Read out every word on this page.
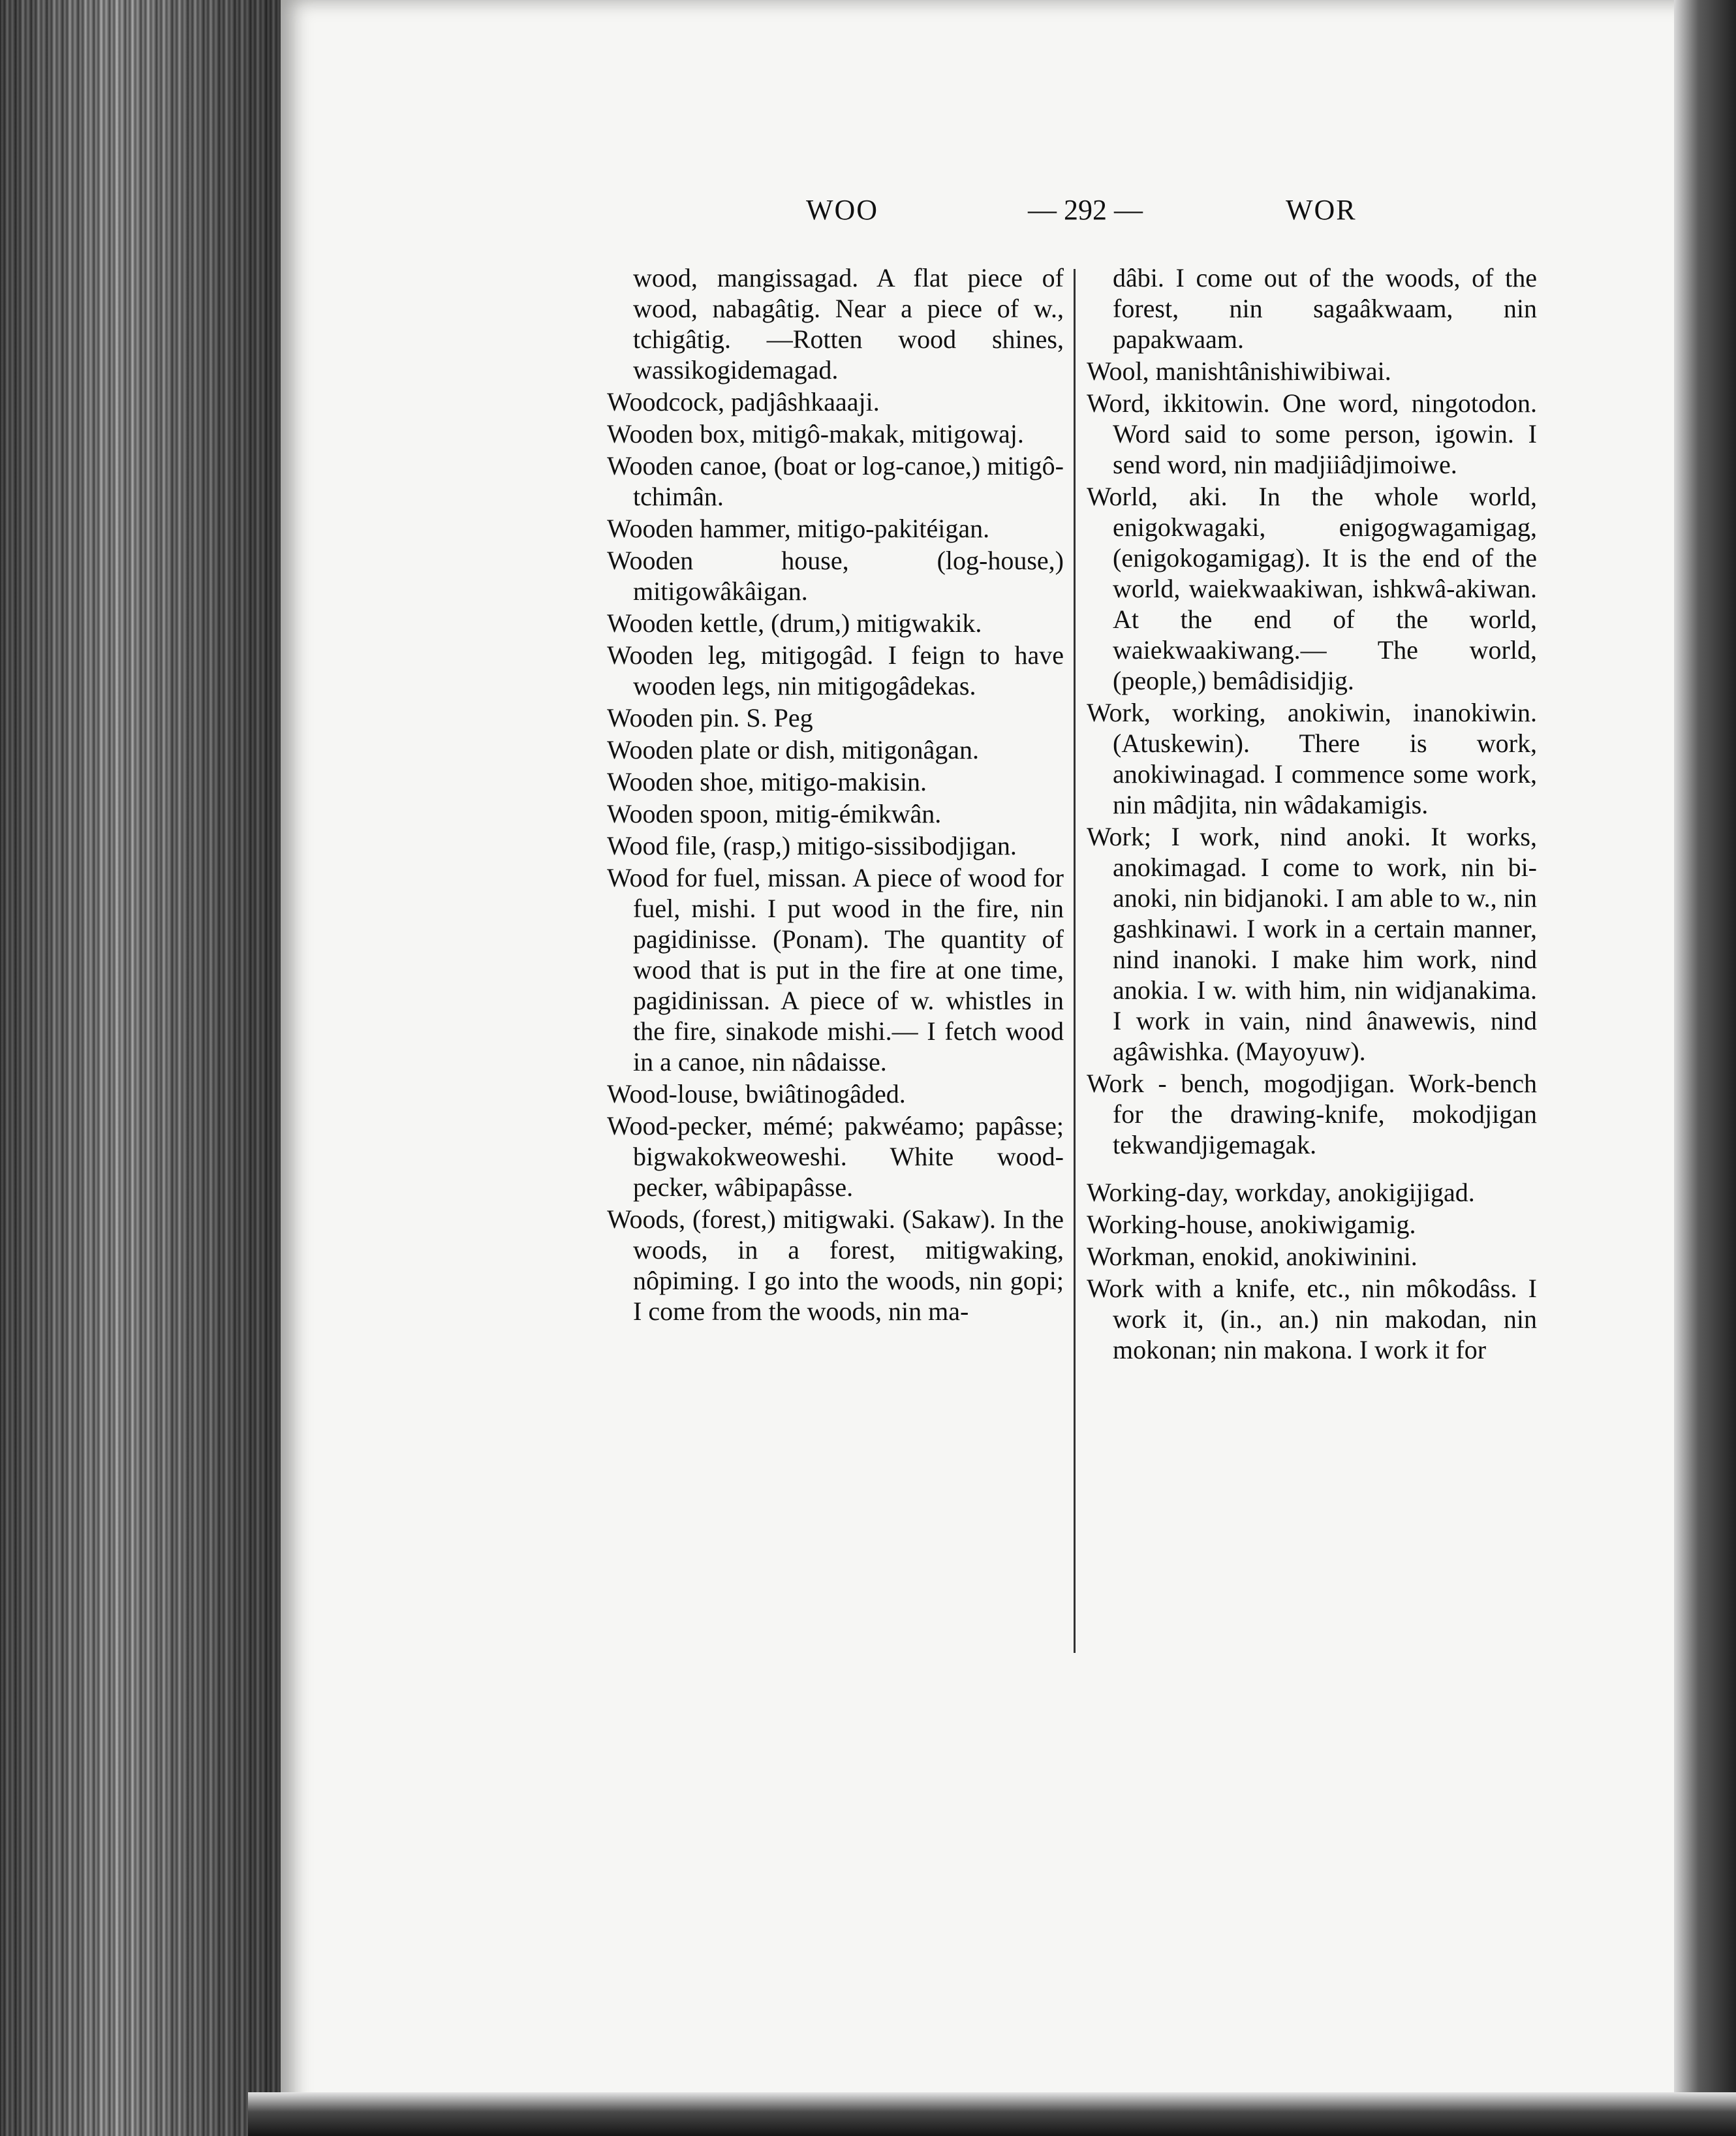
WOO	— 292 —	WOR
wood, mangissagad. A flat piece of wood, nabagâtig. Near a piece of w., tchigâtig. —Rotten wood shines, wassikogidemagad.
Woodcock, padjâshkaaaji.
Wooden box, mitigô-makak, mitigowaj.
Wooden canoe, (boat or log-canoe,) mitigô-tchimân.
Wooden hammer, mitigo-pakitéigan.
Wooden house, (log-house,) mitigowâkâigan.
Wooden kettle, (drum,) mitigwakik.
Wooden leg, mitigogâd. I feign to have wooden legs, nin mitigogâdekas.
Wooden pin. S. Peg
Wooden plate or dish, mitigonâgan.
Wooden shoe, mitigo-makisin.
Wooden spoon, mitig-émikwân.
Wood file, (rasp,) mitigo-sissibodjigan.
Wood for fuel, missan. A piece of wood for fuel, mishi. I put wood in the fire, nin pagidinisse. (Ponam). The quantity of wood that is put in the fire at one time, pagidinissan. A piece of w. whistles in the fire, sinakode mishi.— I fetch wood in a canoe, nin nâdaisse.
Wood-louse, bwiâtinogâded.
Wood-pecker, mémé; pakwéamo; papâsse; bigwakokweoweshi. White wood-pecker, wâbipapâsse.
Woods, (forest,) mitigwaki. (Sakaw). In the woods, in a forest, mitigwaking, nôpiming. I go into the woods, nin gopi; I come from the woods, nin ma-
dâbi. I come out of the woods, of the forest, nin sagaâkwaam, nin papakwaam.
Wool, manishtânishiwibiwai.
Word, ikkitowin. One word, ningotodon. Word said to some person, igowin. I send word, nin madjiiâdjimoiwe.
World, aki. In the whole world, enigokwagaki, enigogwagamigag, (enigokogamigag). It is the end of the world, waiekwaakiwan, ishkwâ-akiwan. At the end of the world, waiekwaakiwang.— The world, (people,) bemâdisidjig.
Work, working, anokiwin, inanokiwin. (Atuskewin). There is work, anokiwinagad. I commence some work, nin mâdjita, nin wâdakamigis.
Work; I work, nind anoki. It works, anokimagad. I come to work, nin bi-anoki, nin bidjanoki. I am able to w., nin gashkinawi. I work in a certain manner, nind inanoki. I make him work, nind anokia. I w. with him, nin widjanakima. I work in vain, nind ânawewis, nind agâwishka. (Mayoyuw).
Work - bench, mogodjigan. Work-bench for the drawing-knife, mokodjigan tekwandjigemagak.
Working-day, workday, anokigijigad.
Working-house, anokiwigamig.
Workman, enokid, anokiwinini.
Work with a knife, etc., nin môkodâss. I work it, (in., an.) nin makodan, nin mokonan; nin makona. I work it for
